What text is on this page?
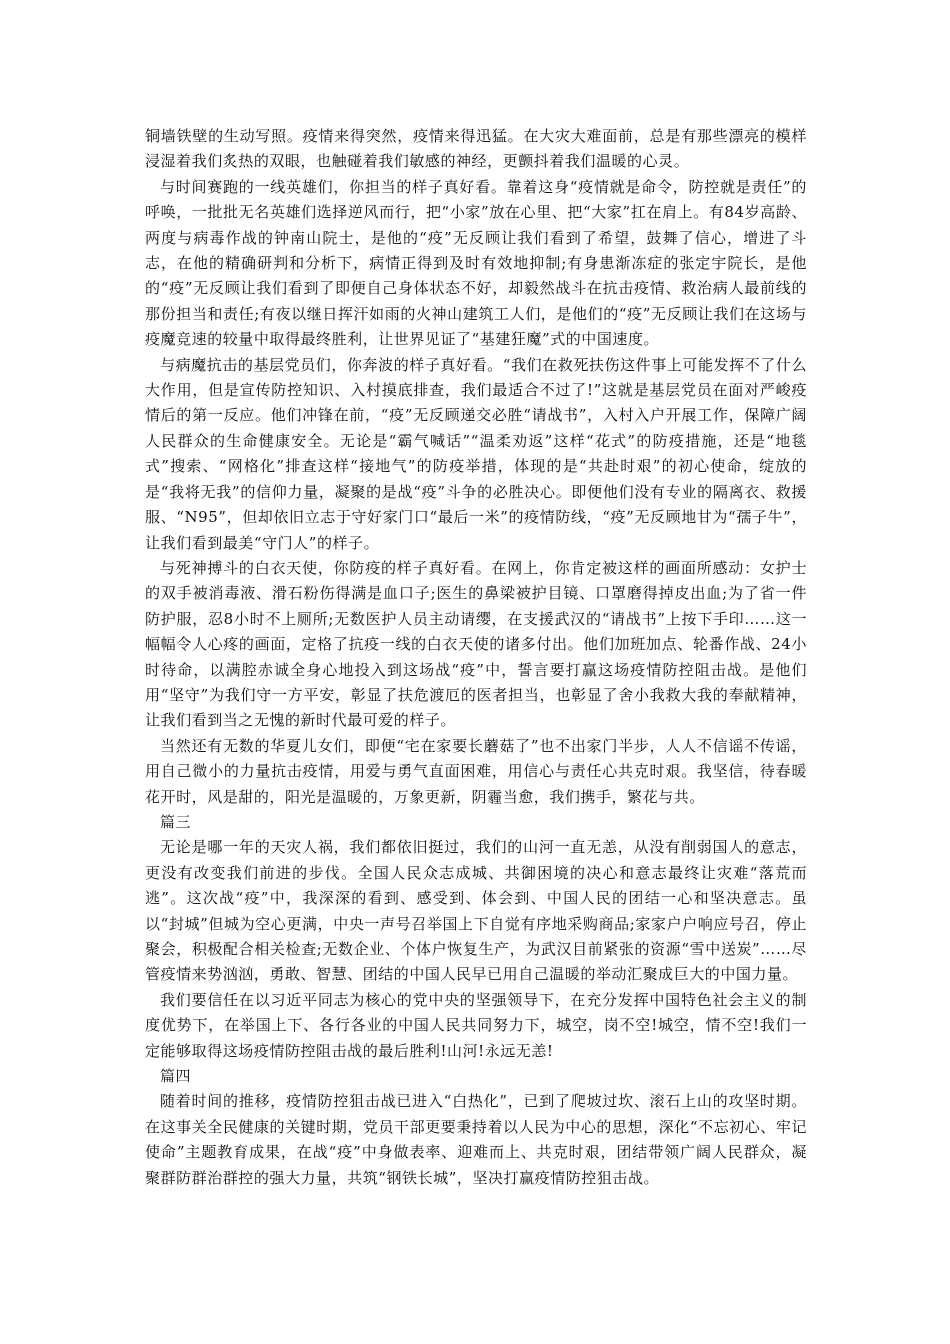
铜墙铁壁的生动写照。疫情来得突然，疫情来得迅猛。在大灾大难面前，总是有那些漂亮的模样浸湿着我们炙热的双眼，也触碰着我们敏感的神经，更颤抖着我们温暖的心灵。

与时间赛跑的一线英雄们，你担当的样子真好看。靠着这身“疫情就是命令，防控就是责任”的呼唤，一批批无名英雄们选择逆风而行，把“小家”放在心里、把“大家”扛在肩上。有84岁高龄、两度与病毒作战的钟南山院士，是他的“疫”无反顾让我们看到了希望，鼓舞了信心，增进了斗志，在他的精确研判和分析下，病情正得到及时有效地抑制;有身患渐冻症的张定宇院长，是他的“疫”无反顾让我们看到了即便自己身体状态不好，却毅然战斗在抗击疫情、救治病人最前线的那份担当和责任;有夜以继日挥汗如雨的火神山建筑工人们，是他们的“疫”无反顾让我们在这场与疫魔竞速的较量中取得最终胜利，让世界见证了“基建狂魔”式的中国速度。

与病魔抗击的基层党员们，你奔波的样子真好看。“我们在救死扶伤这件事上可能发挥不了什么大作用，但是宣传防控知识、入村摸底排查，我们最适合不过了!”这就是基层党员在面对严峻疫情后的第一反应。他们冲锋在前，“疫”无反顾递交必胜“请战书”，入村入户开展工作，保障广阔人民群众的生命健康安全。无论是“霸气喊话”“温柔劝返”这样“花式”的防疫措施，还是“地毯式”搜索、“网格化”排查这样“接地气”的防疫举措，体现的是“共赴时艰”的初心使命，绽放的是“我将无我”的信仰力量，凝聚的是战“疫”斗争的必胜决心。即便他们没有专业的隔离衣、救援服、“N95”，但却依旧立志于守好家门口“最后一米”的疫情防线，“疫”无反顾地甘为“孺子牛”，让我们看到最美“守门人”的样子。

与死神搏斗的白衣天使，你防疫的样子真好看。在网上，你肯定被这样的画面所感动：女护士的双手被消毒液、滑石粉伤得满是血口子;医生的鼻梁被护目镜、口罩磨得掉皮出血;为了省一件防护服，忍8小时不上厕所;无数医护人员主动请缨，在支援武汉的“请战书”上按下手印……这一幅幅令人心疼的画面，定格了抗疫一线的白衣天使的诸多付出。他们加班加点、轮番作战、24小时待命，以满腔赤诚全身心地投入到这场战“疫”中，誓言要打赢这场疫情防控阻击战。是他们用“坚守”为我们守一方平安，彰显了扶危渡厄的医者担当，也彰显了舍小我救大我的奉献精神，让我们看到当之无愧的新时代最可爱的样子。

当然还有无数的华夏儿女们，即便“宅在家要长蘑菇了”也不出家门半步，人人不信谣不传谣，用自己微小的力量抗击疫情，用爱与勇气直面困难，用信心与责任心共克时艰。我坚信，待春暖花开时，风是甜的，阳光是温暖的，万象更新，阴霾当愈，我们携手，繁花与共。

篇三

无论是哪一年的天灾人祸，我们都依旧挺过，我们的山河一直无恙，从没有削弱国人的意志，更没有改变我们前进的步伐。全国人民众志成城、共御困境的决心和意志最终让灾难“落荒而逃”。这次战“疫”中，我深深的看到、感受到、体会到、中国人民的团结一心和坚决意志。虽以“封城”但城为空心更满，中央一声号召举国上下自觉有序地采购商品;家家户户响应号召，停止聚会，积极配合相关检查;无数企业、个体户恢复生产，为武汉目前紧张的资源“雪中送炭”……尽管疫情来势汹汹，勇敢、智慧、团结的中国人民早已用自己温暖的举动汇聚成巨大的中国力量。

我们要信任在以习近平同志为核心的党中央的坚强领导下，在充分发挥中国特色社会主义的制度优势下，在举国上下、各行各业的中国人民共同努力下，城空，岗不空!城空，情不空!我们一定能够取得这场疫情防控阻击战的最后胜利!山河!永远无恙!

篇四

随着时间的推移，疫情防控狙击战已进入“白热化”，已到了爬坡过坎、滚石上山的攻坚时期。在这事关全民健康的关键时期，党员干部更要秉持着以人民为中心的思想，深化“不忘初心、牢记使命”主题教育成果，在战“疫”中身做表率、迎难而上、共克时艰，团结带领广阔人民群众，凝聚群防群治群控的强大力量，共筑“钢铁长城”，坚决打赢疫情防控狙击战。
